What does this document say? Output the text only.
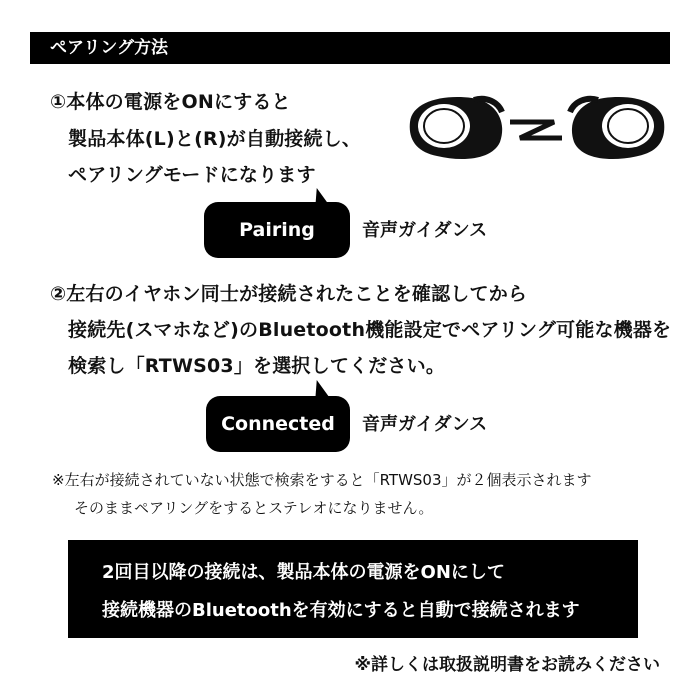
ペアリング方法
①本体の電源をONにすると
製品本体(L)と(R)が自動接続し、
ペアリングモードになります
Pairing	音声ガイダンス
②左右のイヤホン同士が接続されたことを確認してから
接続先(スマホなど)のBluetooth機能設定でペアリング可能な機器を
検索し「RTWS03」を選択してください。
Connected	音声ガイダンス
※左右が接続されていない状態で検索をすると「RTWS03」が２個表示されます
そのままペアリングをするとステレオになりません。
2回目以降の接続は、製品本体の電源をONにして
接続機器のBluetoothを有効にすると自動で接続されます
※詳しくは取扱説明書をお読みください
